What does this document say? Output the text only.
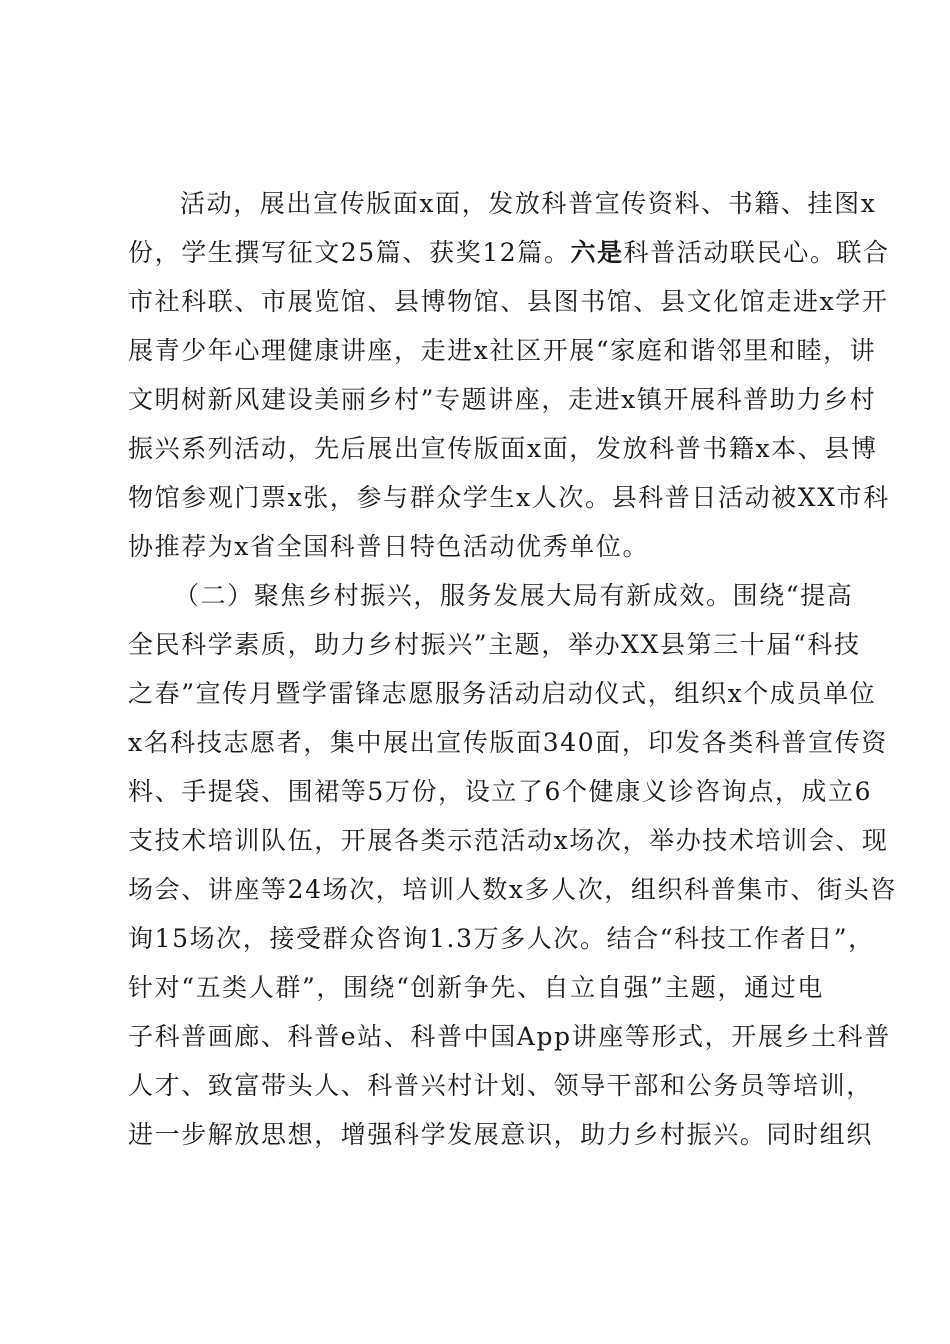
活动，展出宣传版面x面，发放科普宣传资料、书籍、挂图x
份，学生撰写征文25篇、获奖12篇。六是科普活动联民心。联合
市社科联、市展览馆、县博物馆、县图书馆、县文化馆走进x学开
展青少年心理健康讲座，走进x社区开展“家庭和谐邻里和睦，讲
文明树新风建设美丽乡村”专题讲座，走进x镇开展科普助力乡村
振兴系列活动，先后展出宣传版面x面，发放科普书籍x本、县博
物馆参观门票x张，参与群众学生x人次。县科普日活动被XX市科
协推荐为x省全国科普日特色活动优秀单位。
（二）聚焦乡村振兴，服务发展大局有新成效。围绕“提高
全民科学素质，助力乡村振兴”主题，举办XX县第三十届“科技
之春”宣传月暨学雷锋志愿服务活动启动仪式，组织x个成员单位
x名科技志愿者，集中展出宣传版面340面，印发各类科普宣传资
料、手提袋、围裙等5万份，设立了6个健康义诊咨询点，成立6
支技术培训队伍，开展各类示范活动x场次，举办技术培训会、现
场会、讲座等24场次，培训人数x多人次，组织科普集市、街头咨
询15场次，接受群众咨询1.3万多人次。结合“科技工作者日”，
针对“五类人群”，围绕“创新争先、自立自强”主题，通过电
子科普画廊、科普e站、科普中国App讲座等形式，开展乡土科普
人才、致富带头人、科普兴村计划、领导干部和公务员等培训，
进一步解放思想，增强科学发展意识，助力乡村振兴。同时组织
